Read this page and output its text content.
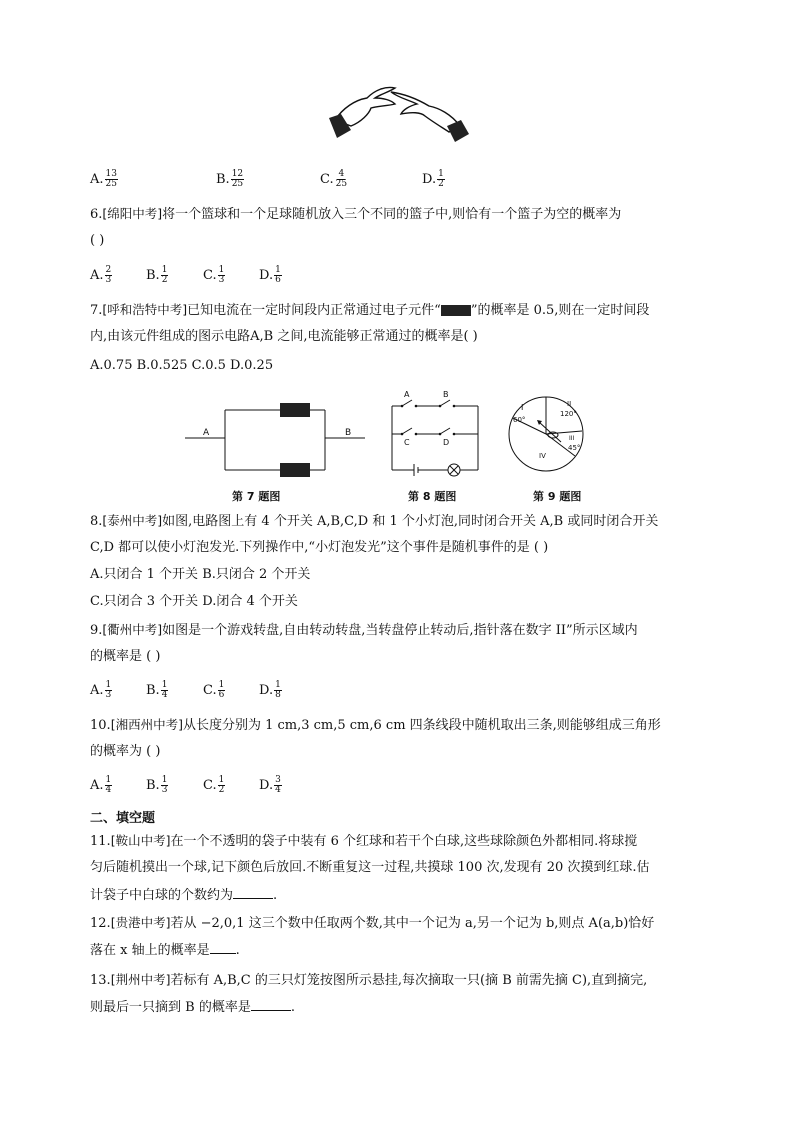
A. $\frac{13}{25}$	B. $\frac{12}{25}$	C. $\frac{4}{25}$	D. $\frac{1}{2}$
6.[绵阳中考]将一个篮球和一个足球随机放入三个不同的篮子中,则恰有一个篮子为空的概率为
( )
A. $\frac{2}{3}$	B. $\frac{1}{2}$	C. $\frac{1}{3}$	D. $\frac{1}{6}$
7.[呼和浩特中考]已知电流在一定时间段内正常通过电子元件“ ”的概率是 0.5,则在一定时间段
内,由该元件组成的图示电路A,B 之间,电流能够正常通过的概率是( )
A.0.75 B.0.525 C.0.5 D.0.25
A	B
第 7 题图
A	B
C	D
第 8 题图
I
60°
II
120°
III
45°
IV
第 9 题图
8.[泰州中考]如图,电路图上有 4 个开关 A,B,C,D 和 1 个小灯泡,同时闭合开关 A,B 或同时闭合开关
C,D 都可以使小灯泡发光.下列操作中,“小灯泡发光”这个事件是随机事件的是 ( )
A.只闭合 1 个开关 B.只闭合 2 个开关
C.只闭合 3 个开关 D.闭合 4 个开关
9.[衢州中考]如图是一个游戏转盘,自由转动转盘,当转盘停止转动后,指针落在数字 II”所示区域内
的概率是 ( )
A. $\frac{1}{3}$	B. $\frac{1}{4}$	C. $\frac{1}{6}$	D. $\frac{1}{8}$
10.[湘西州中考]从长度分别为 1 cm,3 cm,5 cm,6 cm 四条线段中随机取出三条,则能够组成三角形
的概率为 ( )
A. $\frac{1}{4}$	B. $\frac{1}{3}$	C. $\frac{1}{2}$	D. $\frac{3}{4}$
二、填空题
11.[鞍山中考]在一个不透明的袋子中装有 6 个红球和若干个白球,这些球除颜色外都相同.将球搅
匀后随机摸出一个球,记下颜色后放回.不断重复这一过程,共摸球 100 次,发现有 20 次摸到红球.估
计袋子中白球的个数约为	.
12.[贵港中考]若从 −2,0,1 这三个数中任取两个数,其中一个记为 a,另一个记为 b,则点 A(a,b)恰好
落在 x 轴上的概率是 .
13.[荆州中考]若标有 A,B,C 的三只灯笼按图所示悬挂,每次摘取一只(摘 B 前需先摘 C),直到摘完,
则最后一只摘到 B 的概率是	.
